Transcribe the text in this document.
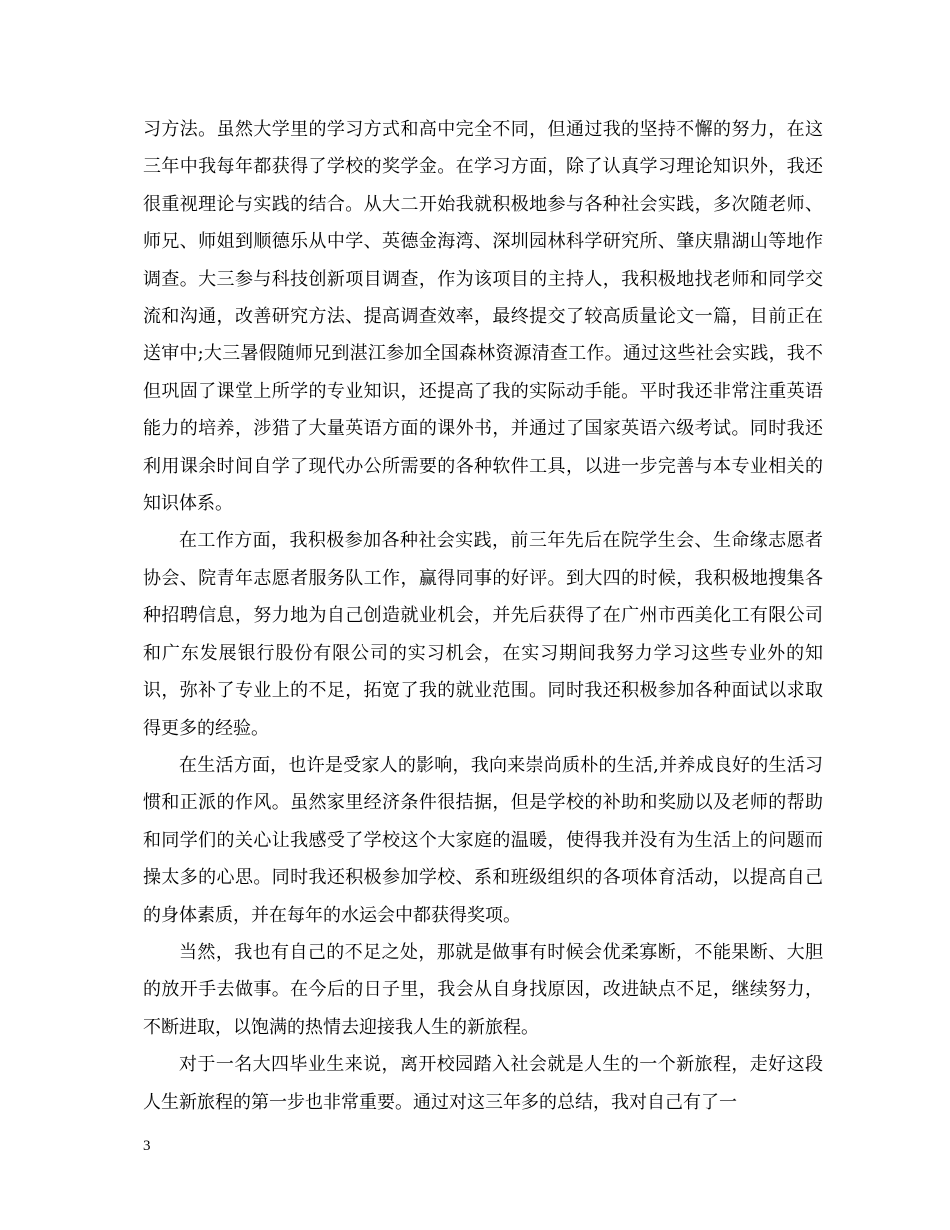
习方法。虽然大学里的学习方式和高中完全不同，但通过我的坚持不懈的努力，在这三年中我每年都获得了学校的奖学金。在学习方面，除了认真学习理论知识外，我还很重视理论与实践的结合。从大二开始我就积极地参与各种社会实践，多次随老师、师兄、师姐到顺德乐从中学、英德金海湾、深圳园林科学研究所、肇庆鼎湖山等地作调查。大三参与科技创新项目调查，作为该项目的主持人，我积极地找老师和同学交流和沟通，改善研究方法、提高调查效率，最终提交了较高质量论文一篇，目前正在送审中;大三暑假随师兄到湛江参加全国森林资源清查工作。通过这些社会实践，我不但巩固了课堂上所学的专业知识，还提高了我的实际动手能。平时我还非常注重英语能力的培养，涉猎了大量英语方面的课外书，并通过了国家英语六级考试。同时我还利用课余时间自学了现代办公所需要的各种软件工具，以进一步完善与本专业相关的知识体系。

在工作方面，我积极参加各种社会实践，前三年先后在院学生会、生命缘志愿者协会、院青年志愿者服务队工作，赢得同事的好评。到大四的时候，我积极地搜集各种招聘信息，努力地为自己创造就业机会，并先后获得了在广州市西美化工有限公司和广东发展银行股份有限公司的实习机会，在实习期间我努力学习这些专业外的知识，弥补了专业上的不足，拓宽了我的就业范围。同时我还积极参加各种面试以求取得更多的经验。

在生活方面，也许是受家人的影响，我向来崇尚质朴的生活,并养成良好的生活习惯和正派的作风。虽然家里经济条件很拮据，但是学校的补助和奖励以及老师的帮助和同学们的关心让我感受了学校这个大家庭的温暖，使得我并没有为生活上的问题而操太多的心思。同时我还积极参加学校、系和班级组织的各项体育活动，以提高自己的身体素质，并在每年的水运会中都获得奖项。

当然，我也有自己的不足之处，那就是做事有时候会优柔寡断，不能果断、大胆的放开手去做事。在今后的日子里，我会从自身找原因，改进缺点不足，继续努力，不断进取，以饱满的热情去迎接我人生的新旅程。

对于一名大四毕业生来说，离开校园踏入社会就是人生的一个新旅程，走好这段人生新旅程的第一步也非常重要。通过对这三年多的总结，我对自己有了一

3
